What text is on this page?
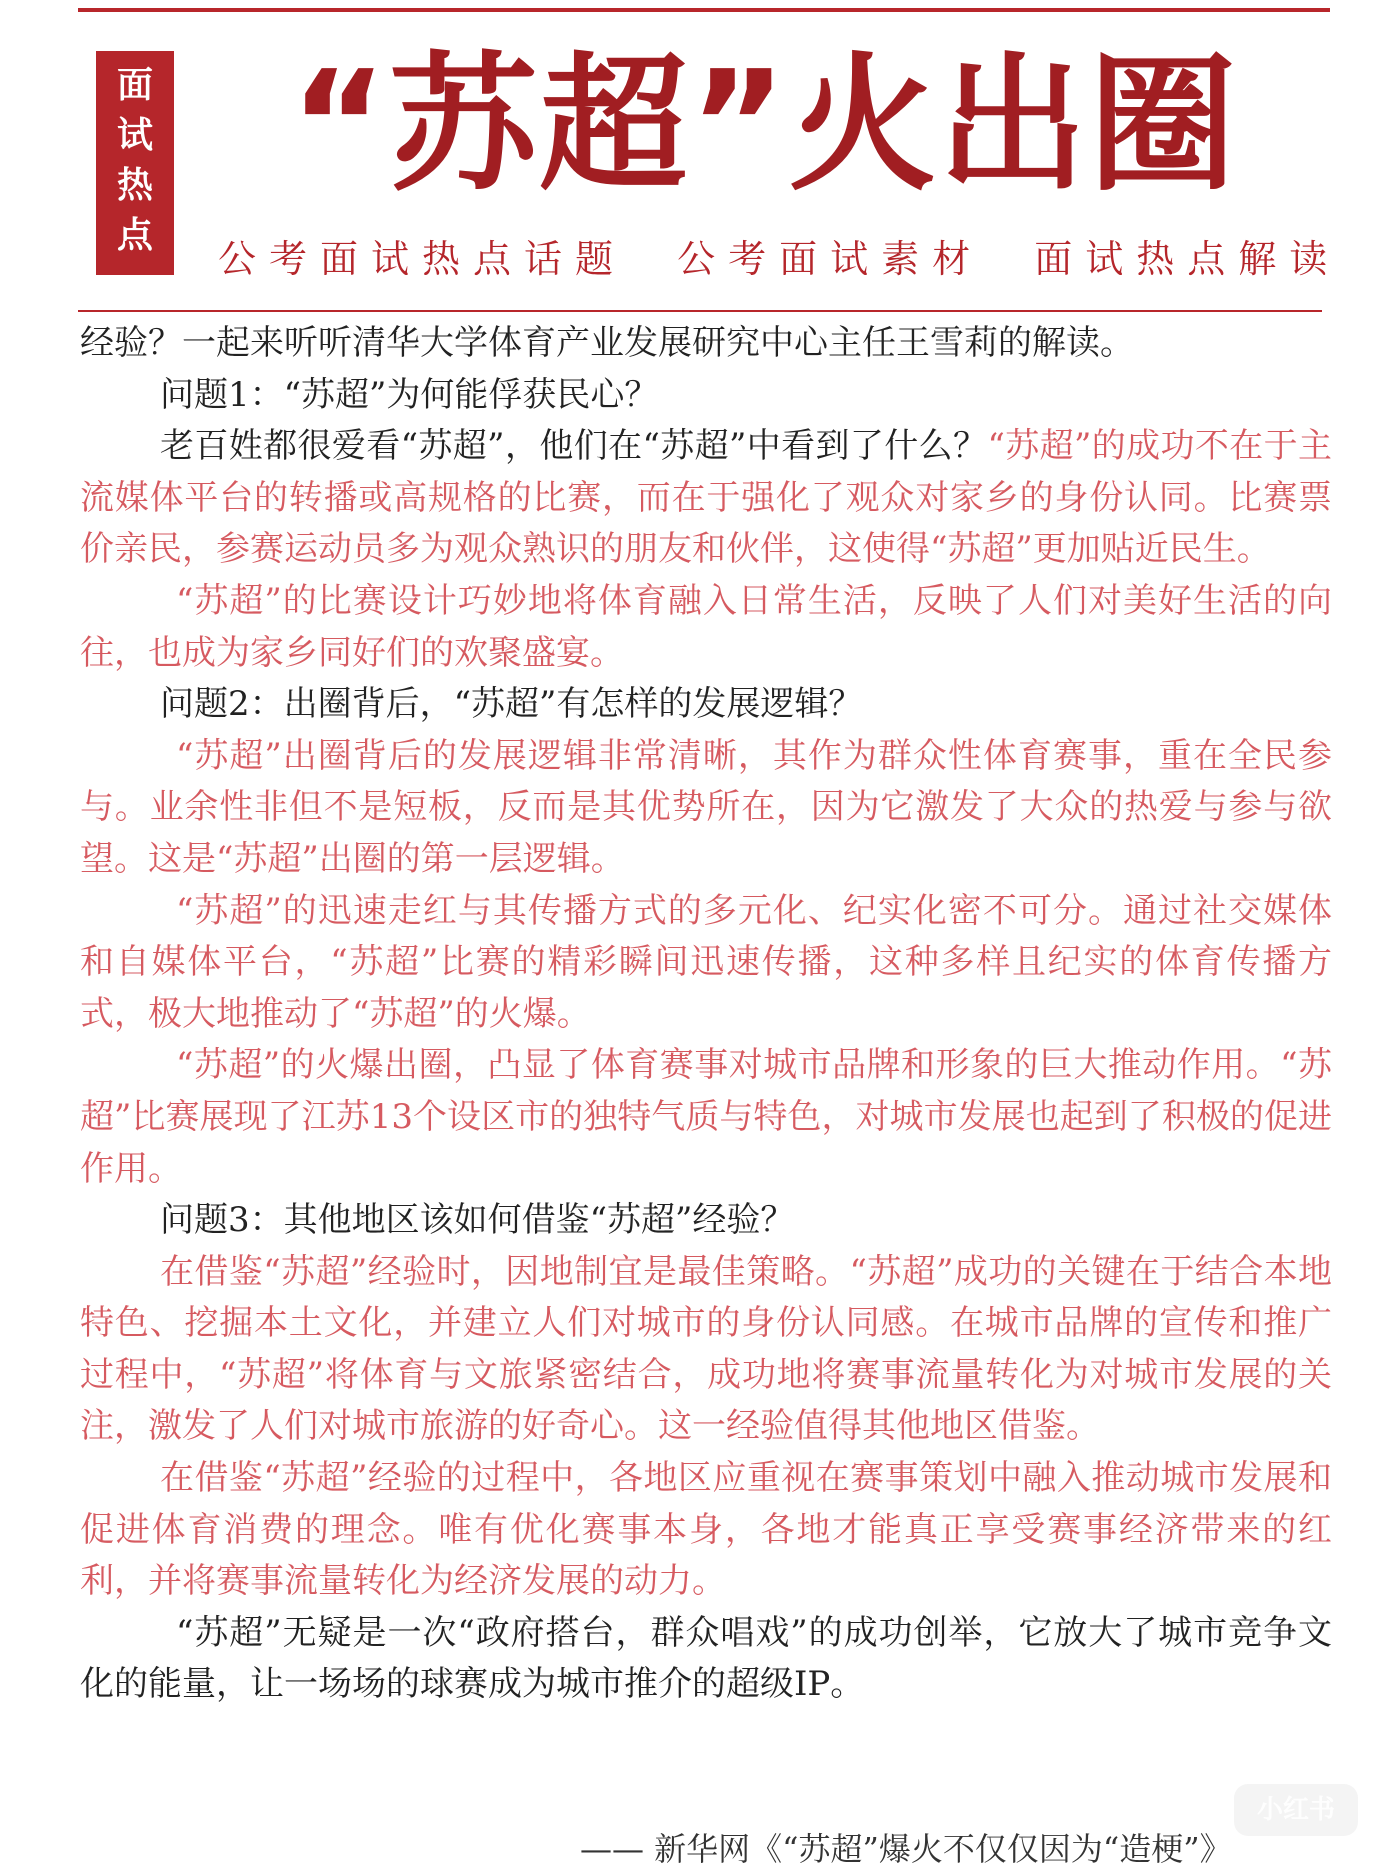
面
试
热
点
“苏超”火出圈
公考面试热点话题 公考面试素材 面试热点解读

经验？一起来听听清华大学体育产业发展研究中心主任王雪莉的解读。

问题1：“苏超”为何能俘获民心？

老百姓都很爱看“苏超”，他们在“苏超”中看到了什么？“苏超”的成功不在于主流媒体平台的转播或高规格的比赛，而在于强化了观众对家乡的身份认同。比赛票价亲民，参赛运动员多为观众熟识的朋友和伙伴，这使得“苏超”更加贴近民生。

“苏超”的比赛设计巧妙地将体育融入日常生活，反映了人们对美好生活的向往，也成为家乡同好们的欢聚盛宴。

问题2：出圈背后，“苏超”有怎样的发展逻辑？

“苏超”出圈背后的发展逻辑非常清晰，其作为群众性体育赛事，重在全民参与。业余性非但不是短板，反而是其优势所在，因为它激发了大众的热爱与参与欲望。这是“苏超”出圈的第一层逻辑。

“苏超”的迅速走红与其传播方式的多元化、纪实化密不可分。通过社交媒体和自媒体平台，“苏超”比赛的精彩瞬间迅速传播，这种多样且纪实的体育传播方式，极大地推动了“苏超”的火爆。

“苏超”的火爆出圈，凸显了体育赛事对城市品牌和形象的巨大推动作用。“苏超”比赛展现了江苏13个设区市的独特气质与特色，对城市发展也起到了积极的促进作用。

问题3：其他地区该如何借鉴“苏超”经验？

在借鉴“苏超”经验时，因地制宜是最佳策略。“苏超”成功的关键在于结合本地特色、挖掘本土文化，并建立人们对城市的身份认同感。在城市品牌的宣传和推广过程中，“苏超”将体育与文旅紧密结合，成功地将赛事流量转化为对城市发展的关注，激发了人们对城市旅游的好奇心。这一经验值得其他地区借鉴。

在借鉴“苏超”经验的过程中，各地区应重视在赛事策划中融入推动城市发展和促进体育消费的理念。唯有优化赛事本身，各地才能真正享受赛事经济带来的红利，并将赛事流量转化为经济发展的动力。

“苏超”无疑是一次“政府搭台，群众唱戏”的成功创举，它放大了城市竞争文化的能量，让一场场的球赛成为城市推介的超级IP。

—— 新华网《“苏超”爆火不仅仅因为“造梗”》
小红书
